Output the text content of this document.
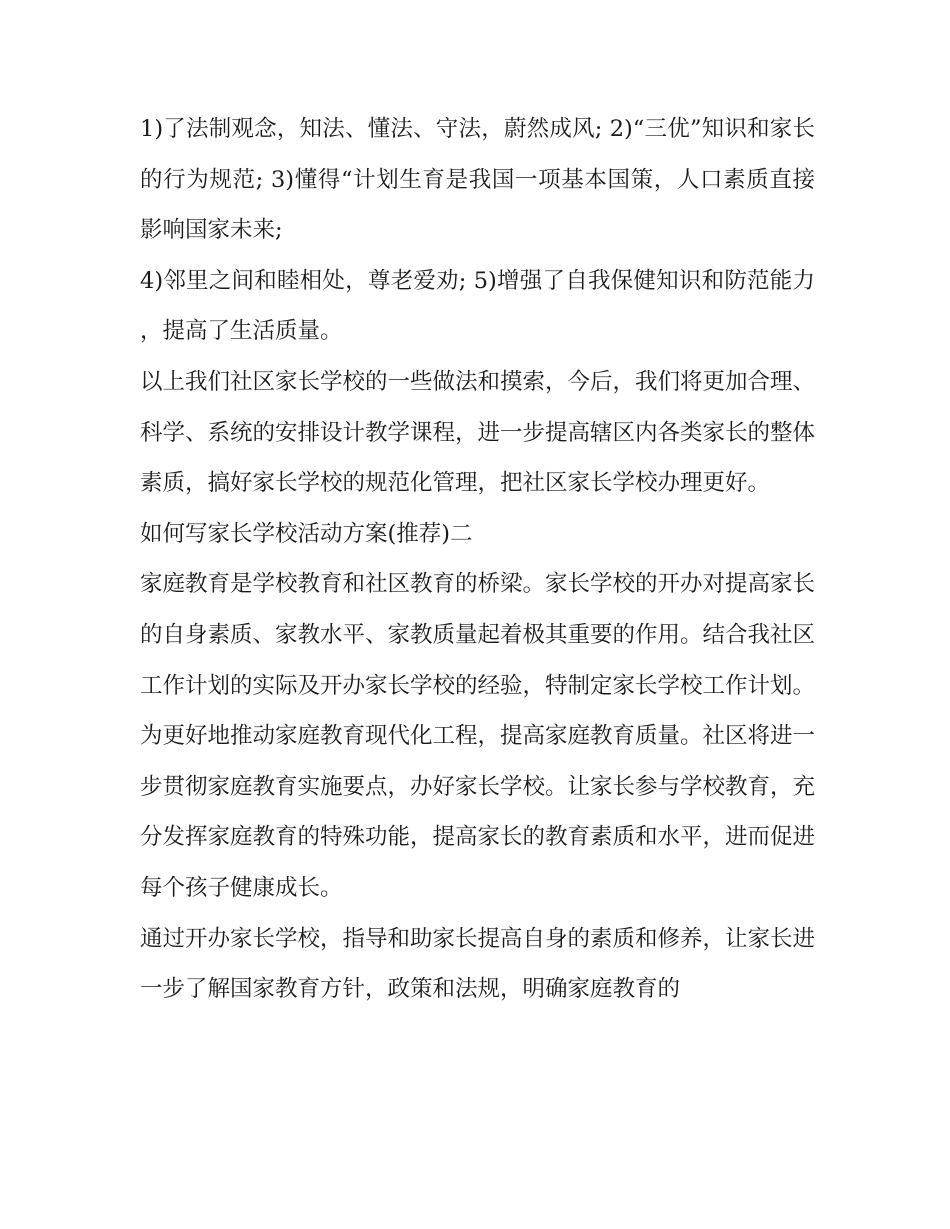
1)了法制观念，知法、懂法、守法，蔚然成风; 2)“三优”知识和家长的行为规范; 3)懂得“计划生育是我国一项基本国策，人口素质直接影响国家未来;

4)邻里之间和睦相处，尊老爱劝; 5)增强了自我保健知识和防范能力，提高了生活质量。

以上我们社区家长学校的一些做法和摸索，今后，我们将更加合理、科学、系统的安排设计教学课程，进一步提高辖区内各类家长的整体素质，搞好家长学校的规范化管理，把社区家长学校办理更好。

如何写家长学校活动方案(推荐)二

家庭教育是学校教育和社区教育的桥梁。家长学校的开办对提高家长的自身素质、家教水平、家教质量起着极其重要的作用。结合我社区工作计划的实际及开办家长学校的经验，特制定家长学校工作计划。

为更好地推动家庭教育现代化工程，提高家庭教育质量。社区将进一步贯彻家庭教育实施要点，办好家长学校。让家长参与学校教育，充分发挥家庭教育的特殊功能，提高家长的教育素质和水平，进而促进每个孩子健康成长。

通过开办家长学校，指导和助家长提高自身的素质和修养，让家长进一步了解国家教育方针，政策和法规，明确家庭教育的
